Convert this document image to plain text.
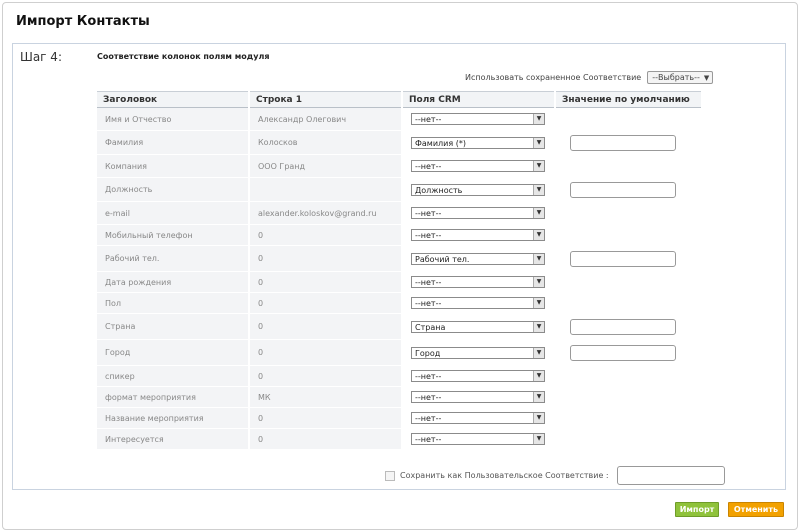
Импорт Контакты
Шаг 4:	Соответствие колонок полям модуля
Использовать сохраненное Соответствие	--Выбрать-- ▼
Заголовок	Строка 1	Поля CRM	Значение по умолчанию
Имя и Отчество	Александр Олегович	--нет-- ▼	

Фамилия	Колосков	Фамилия (*) ▼	

Компания	ООО Гранд	--нет-- ▼	

Должность		Должность ▼	

e-mail	alexander.koloskov@grand.ru	--нет-- ▼	

Мобильный телефон	0	--нет-- ▼	

Рабочий тел.	0	Рабочий тел. ▼	

Дата рождения	0	--нет-- ▼	

Пол	0	--нет-- ▼	

Страна	0	Страна ▼	

Город	0	Город ▼	

спикер	0	--нет-- ▼	

формат мероприятия	МК	--нет-- ▼	

Название мероприятия	0	--нет-- ▼	

Интересуется	0	--нет-- ▼	

Сохранить как Пользовательское Соответствие :
Импорт	Отменить
